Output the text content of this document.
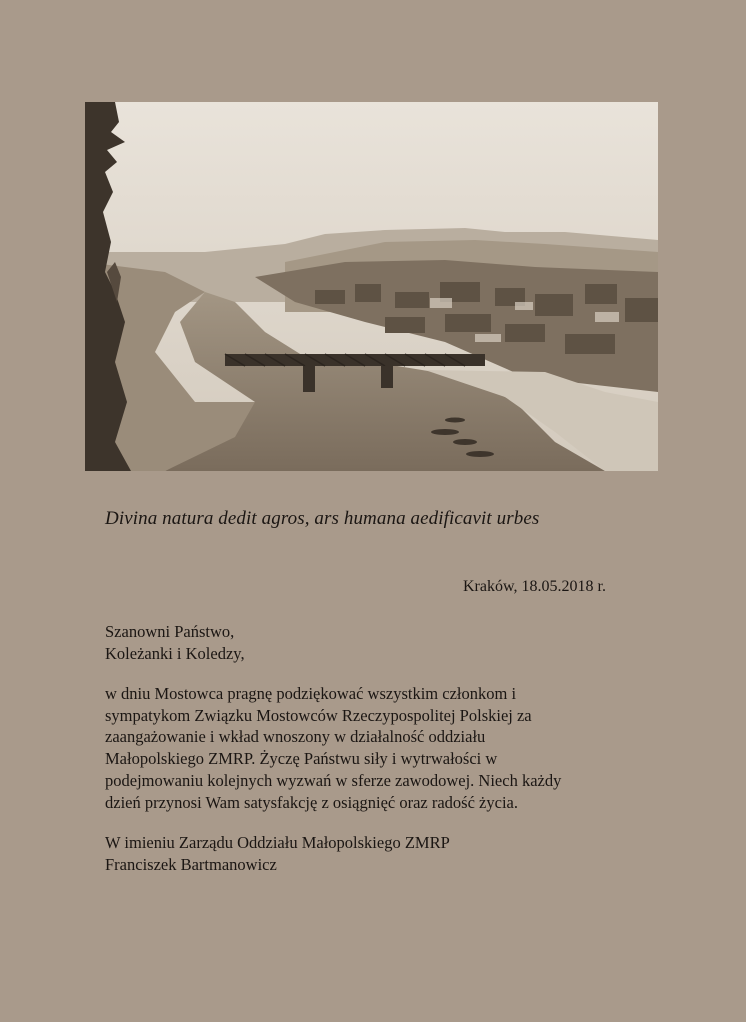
Divina natura dedit agros, ars humana aedificavit urbes
Kraków, 18.05.2018 r.
Szanowni Państwo,
Koleżanki i Koledzy,
w dniu Mostowca pragnę podziękować wszystkim członkom i
sympatykom Związku Mostowców Rzeczypospolitej Polskiej za
zaangażowanie i wkład wnoszony w działalność oddziału
Małopolskiego ZMRP. Życzę Państwu siły i wytrwałości w
podejmowaniu kolejnych wyzwań w sferze zawodowej. Niech każdy
dzień przynosi Wam satysfakcję z osiągnięć oraz radość życia.
W imieniu Zarządu Oddziału Małopolskiego ZMRP
Franciszek Bartmanowicz
